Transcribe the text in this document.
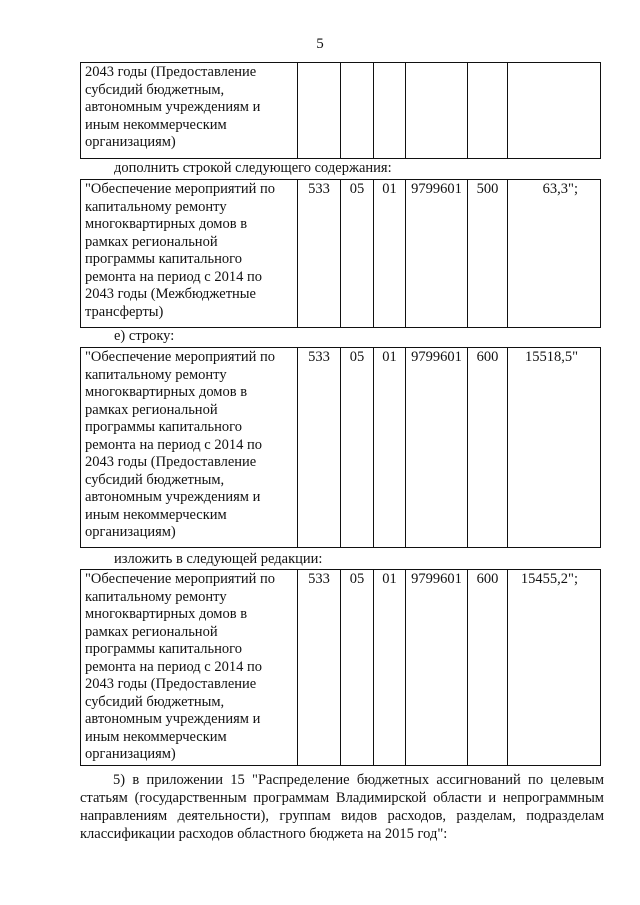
5
2043 годы (Предоставление
субсидий бюджетным,
автономным учреждениям и
иным некоммерческим
организациям)

дополнить строкой следующего содержания:
"Обеспечение мероприятий по
капитальному ремонту
многоквартирных домов в
рамках региональной
программы капитального
ремонта на период с 2014 по
2043 годы (Межбюджетные
трансферты)
	533	05	01	9799601	500	63,3";
е) строку:
"Обеспечение мероприятий по
капитальному ремонту
многоквартирных домов в
рамках региональной
программы капитального
ремонта на период с 2014 по
2043 годы (Предоставление
субсидий бюджетным,
автономным учреждениям и
иным некоммерческим
организациям)
	533	05	01	9799601	600	15518,5"
изложить в следующей редакции:
"Обеспечение мероприятий по
капитальному ремонту
многоквартирных домов в
рамках региональной
программы капитального
ремонта на период с 2014 по
2043 годы (Предоставление
субсидий бюджетным,
автономным учреждениям и
иным некоммерческим
организациям)
	533	05	01	9799601	600	15455,2";
5) в приложении 15 "Распределение бюджетных ассигнований по целевым
статьям (государственным программам Владимирской области и непрограммным
направлениям деятельности), группам видов расходов, разделам, подразделам
классификации расходов областного бюджета на 2015 год":
